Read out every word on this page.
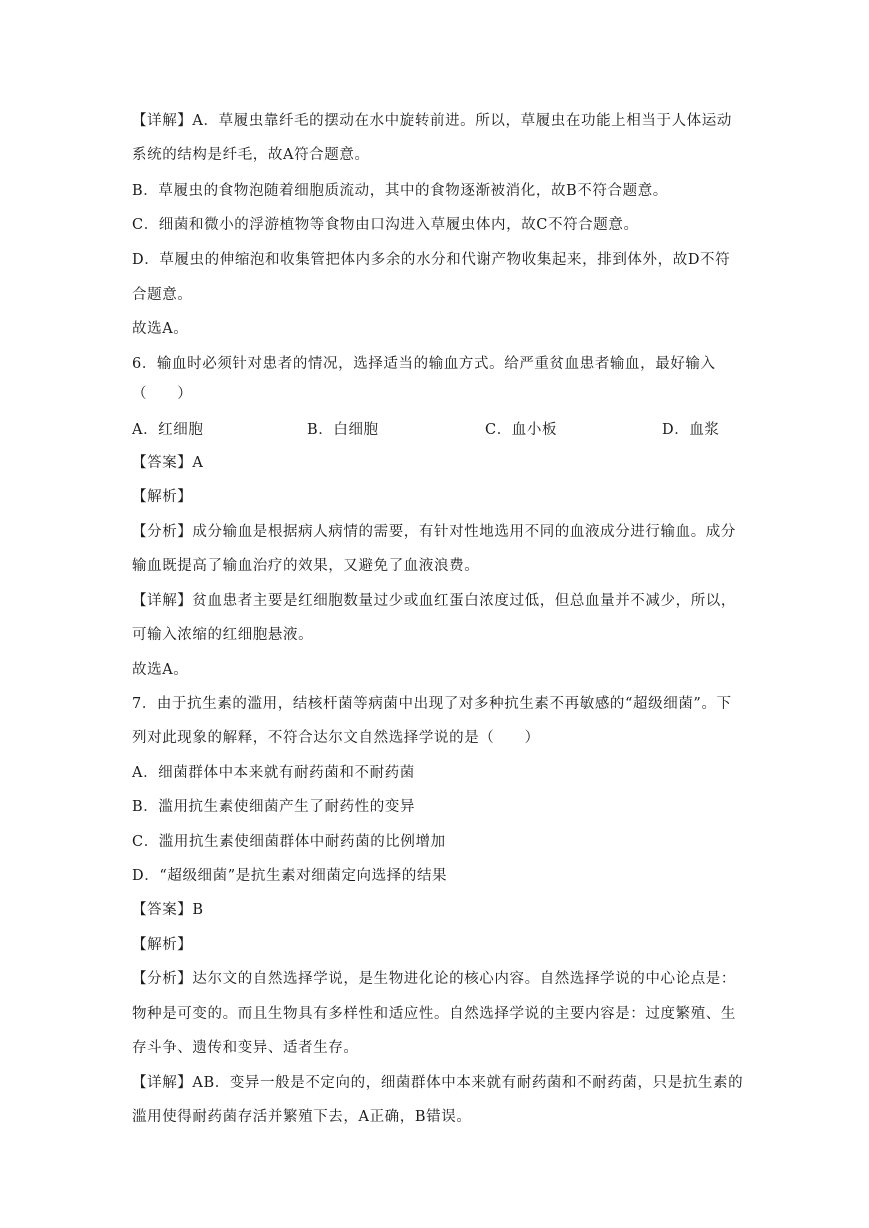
【详解】A．草履虫靠纤毛的摆动在水中旋转前进。所以，草履虫在功能上相当于人体运动
系统的结构是纤毛，故A符合题意。
B．草履虫的食物泡随着细胞质流动，其中的食物逐渐被消化，故B不符合题意。
C．细菌和微小的浮游植物等食物由口沟进入草履虫体内，故C不符合题意。
D．草履虫的伸缩泡和收集管把体内多余的水分和代谢产物收集起来，排到体外，故D不符
合题意。
故选A。
6．输血时必须针对患者的情况，选择适当的输血方式。给严重贫血患者输血，最好输入
（　　）
A．红细胞	B．白细胞	C．血小板	D．血浆
【答案】A
【解析】
【分析】成分输血是根据病人病情的需要，有针对性地选用不同的血液成分进行输血。成分
输血既提高了输血治疗的效果，又避免了血液浪费。
【详解】贫血患者主要是红细胞数量过少或血红蛋白浓度过低，但总血量并不减少，所以，
可输入浓缩的红细胞悬液。
故选A。
7．由于抗生素的滥用，结核杆菌等病菌中出现了对多种抗生素不再敏感的“超级细菌”。下
列对此现象的解释，不符合达尔文自然选择学说的是（　　）
A．细菌群体中本来就有耐药菌和不耐药菌
B．滥用抗生素使细菌产生了耐药性的变异
C．滥用抗生素使细菌群体中耐药菌的比例增加
D．“超级细菌”是抗生素对细菌定向选择的结果
【答案】B
【解析】
【分析】达尔文的自然选择学说，是生物进化论的核心内容。自然选择学说的中心论点是：
物种是可变的。而且生物具有多样性和适应性。自然选择学说的主要内容是：过度繁殖、生
存斗争、遗传和变异、适者生存。
【详解】AB．变异一般是不定向的，细菌群体中本来就有耐药菌和不耐药菌，只是抗生素的
滥用使得耐药菌存活并繁殖下去，A正确，B错误。
